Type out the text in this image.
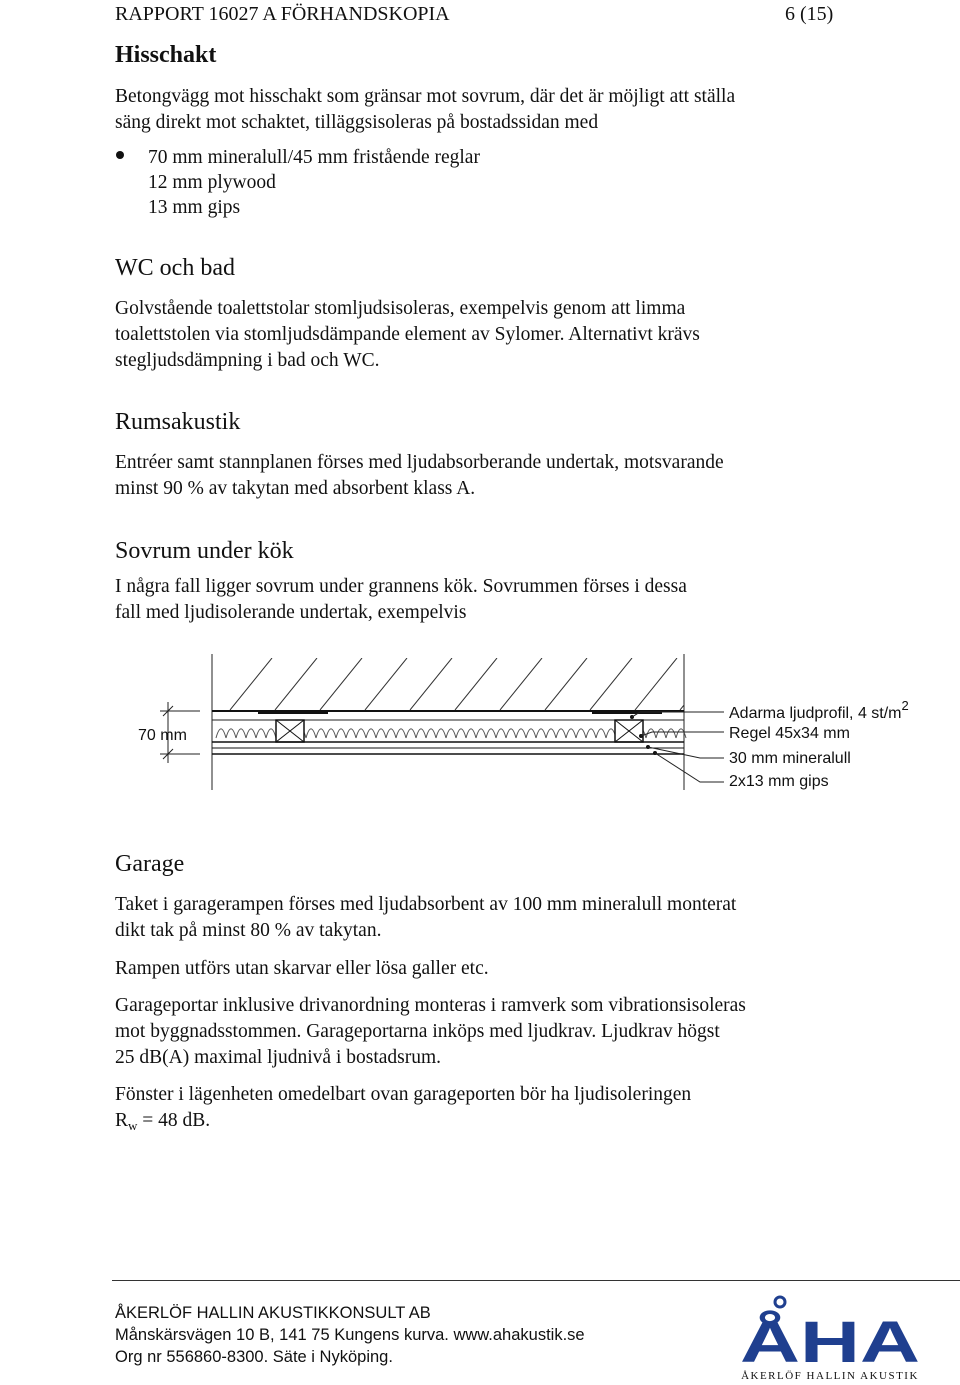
RAPPORT 16027 A FÖRHANDSKOPIA	6 (15)
Hisschakt

Betongvägg mot hisschakt som gränsar mot sovrum, där det är möjligt att ställa
säng direkt mot schaktet, tilläggsisoleras på bostadssidan med

70 mm mineralull/45 mm fristående reglar
12 mm plywood
13 mm gips
WC och bad

Golvstående toalettstolar stomljudsisoleras, exempelvis genom att limma
toalettstolen via stomljudsdämpande element av Sylomer. Alternativt krävs
stegljudsdämpning i bad och WC.

Rumsakustik

Entréer samt stannplanen förses med ljudabsorberande undertak, motsvarande
minst 90 % av takytan med absorbent klass A.

Sovrum under kök

I några fall ligger sovrum under grannens kök. Sovrummen förses i dessa
fall med ljudisolerande undertak, exempelvis

70 mm
Adarma ljudprofil, 4 $st/m^2$
Regel 45x34 mm
30 mm mineralull
2x13 mm gips
Garage

Taket i garagerampen förses med ljudabsorbent av 100 mm mineralull monterat
dikt tak på minst 80 % av takytan.

Rampen utförs utan skarvar eller lösa galler etc.

Garageportar inklusive drivanordning monteras i ramverk som vibrationsisoleras
mot byggnadsstommen. Garageportarna inköps med ljudkrav. Ljudkrav högst
25 dB(A) maximal ljudnivå i bostadsrum.

Fönster i lägenheten omedelbart ovan garageporten bör ha ljudisoleringen
$R_w = 48$ dB.

ÅKERLÖF HALLIN AKUSTIKKONSULT AB
Månskärsvägen 10 B, 141 75 Kungens kurva. www.ahakustik.se
Org nr 556860-8300. Säte i Nyköping.	ÅHA
ÅKERLÖF HALLIN AKUSTIK
